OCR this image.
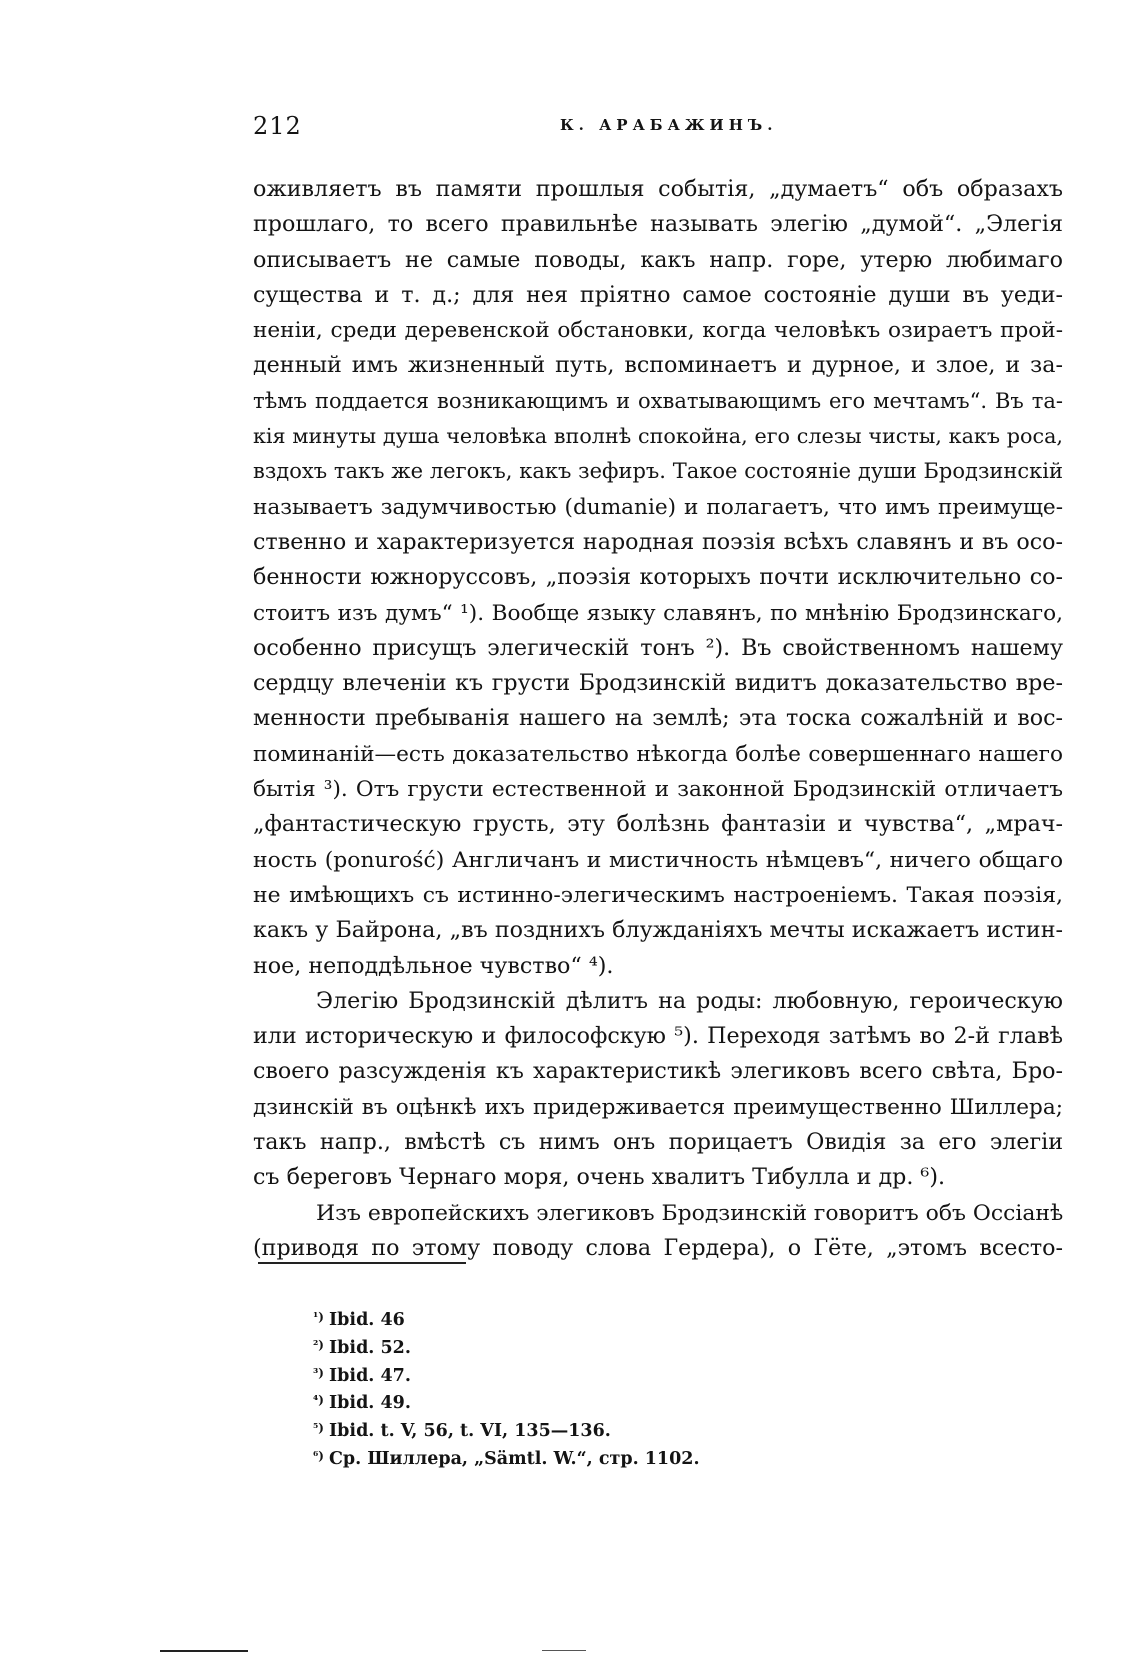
212	К. АРАБАЖИНЪ.
оживляетъ въ памяти прошлыя событія, „думаетъ“ объ образахъ
прошлаго, то всего правильнѣе называть элегію „думой“. „Элегія
описываетъ не самые поводы, какъ напр. горе, утерю любимаго
существа и т. д.; для нея пріятно самое состояніе души въ уеди-
неніи, среди деревенской обстановки, когда человѣкъ озираетъ прой-
денный имъ жизненный путь, вспоминаетъ и дурное, и злое, и за-
тѣмъ поддается возникающимъ и охватывающимъ его мечтамъ“. Въ та-
кія минуты душа человѣка вполнѣ спокойна, его слезы чисты, какъ роса,
вздохъ такъ же легокъ, какъ зефиръ. Такое состояніе души Бродзинскій
называетъ задумчивостью (dumanie) и полагаетъ, что имъ преимуще-
ственно и характеризуется народная поэзія всѣхъ славянъ и въ осо-
бенности южноруссовъ, „поэзія которыхъ почти исключительно со-
стоитъ изъ думъ“ ¹). Вообще языку славянъ, по мнѣнію Бродзинскаго,
особенно присущъ элегическій тонъ ²). Въ свойственномъ нашему
сердцу влеченіи къ грусти Бродзинскій видитъ доказательство вре-
менности пребыванія нашего на землѣ; эта тоска сожалѣній и вос-
поминаній—есть доказательство нѣкогда болѣе совершеннаго нашего
бытія ³). Отъ грусти естественной и законной Бродзинскій отличаетъ
„фантастическую грусть, эту болѣзнь фантазіи и чувства“, „мрач-
ность (ponurość) Англичанъ и мистичность нѣмцевъ“, ничего общаго
не имѣющихъ съ истинно-элегическимъ настроеніемъ. Такая поэзія,
какъ у Байрона, „въ позднихъ блужданіяхъ мечты искажаетъ истин-
ное, неподдѣльное чувство“ ⁴).
Элегію Бродзинскій дѣлитъ на роды: любовную, героическую
или историческую и философскую ⁵). Переходя затѣмъ во 2-й главѣ
своего разсужденія къ характеристикѣ элегиковъ всего свѣта, Бро-
дзинскій въ оцѣнкѣ ихъ придерживается преимущественно Шиллера;
такъ напр., вмѣстѣ съ нимъ онъ порицаетъ Овидія за его элегіи
съ береговъ Чернаго моря, очень хвалитъ Тибулла и др. ⁶).
Изъ европейскихъ элегиковъ Бродзинскій говоритъ объ Оссіанѣ
(приводя по этому поводу слова Гердера), о Гёте, „этомъ всесто-
¹) Ibid. 46
²) Ibid. 52.
³) Ibid. 47.
⁴) Ibid. 49.
⁵) Ibid. t. V, 56, t. VI, 135—136.
⁶) Ср. Шиллера, „Sämtl. W.“, стр. 1102.
